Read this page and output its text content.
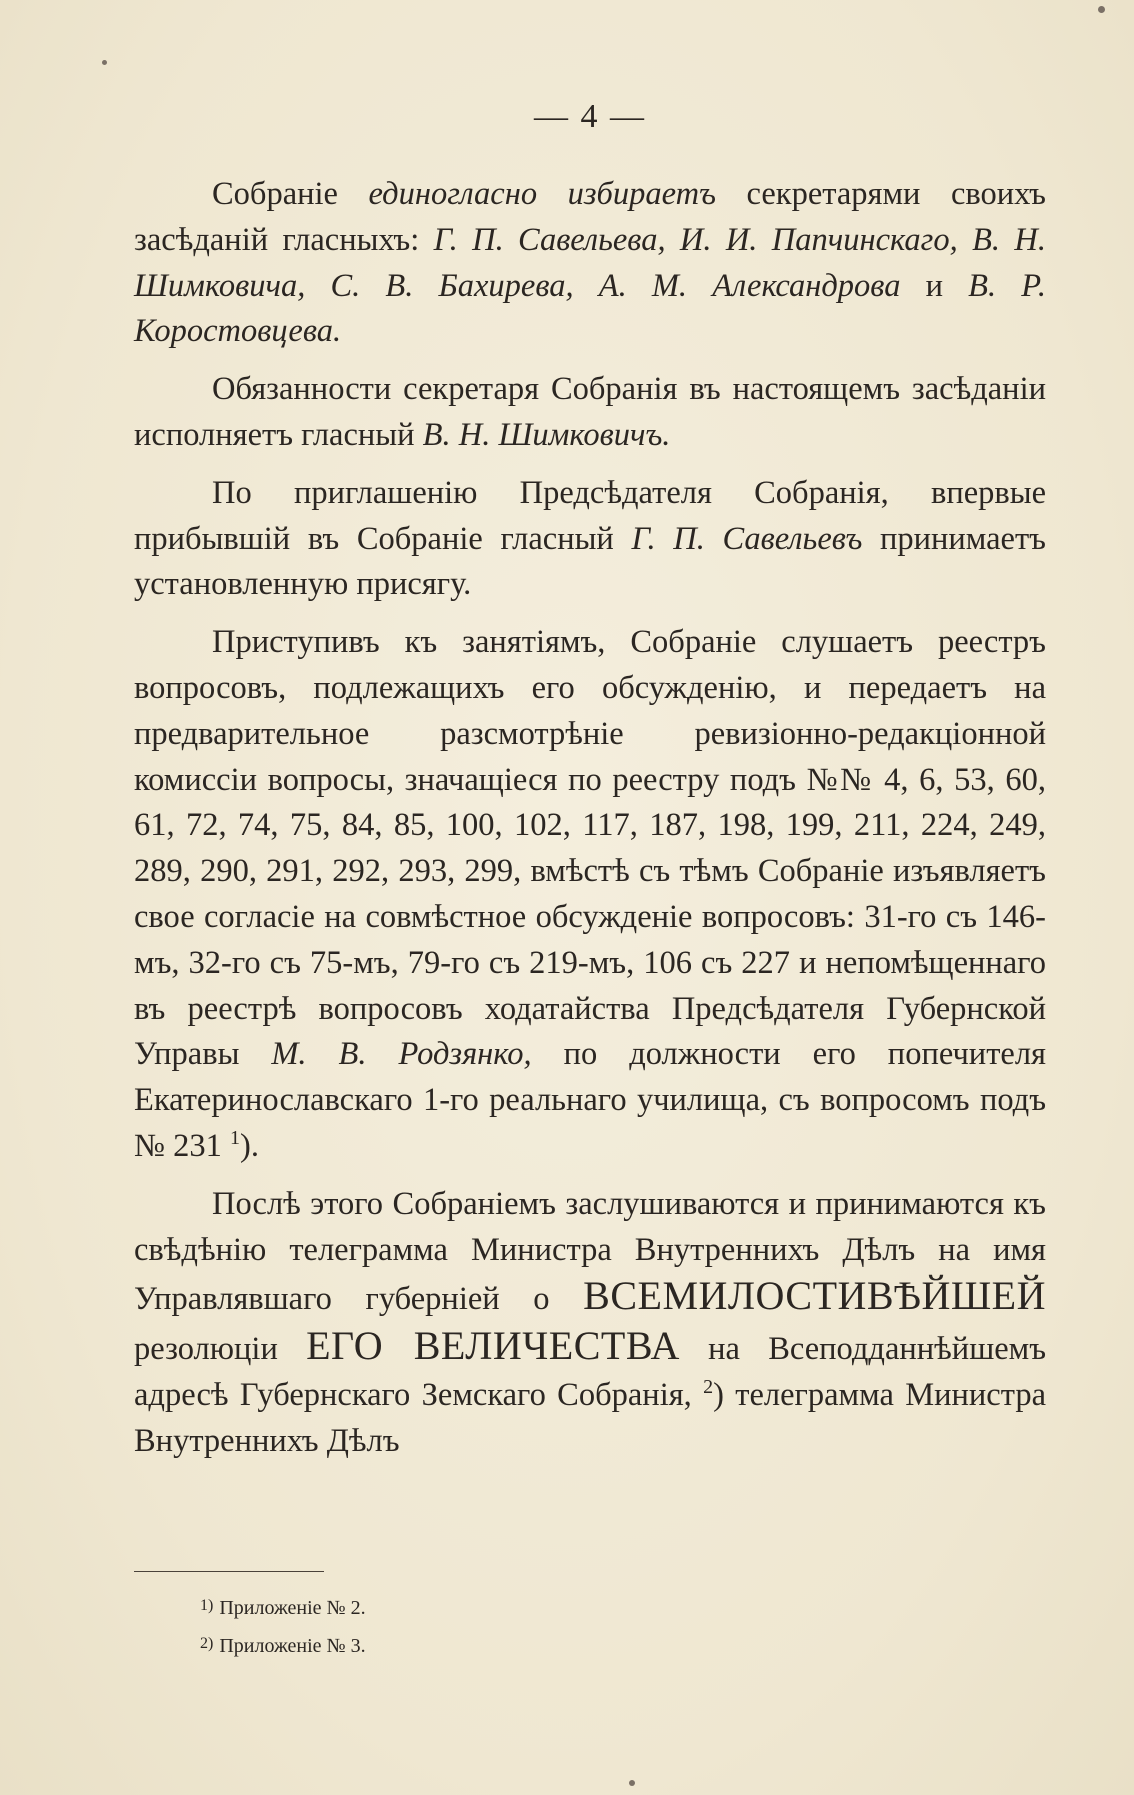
— 4 —

Собраніе единогласно избираетъ секретарями своихъ засѣданій гласныхъ: Г. П. Савельева, И. И. Папчинскаго, В. Н. Шимковича, С. В. Бахирева, А. М. Александрова и В. Р. Коростовцева.

Обязанности секретаря Собранія въ настоящемъ засѣданіи исполняетъ гласный В. Н. Шимковичъ.

По приглашенію Предсѣдателя Собранія, впервые прибывшій въ Собраніе гласный Г. П. Савельевъ принимаетъ установленную присягу.

Приступивъ къ занятіямъ, Собраніе слушаетъ реестръ вопросовъ, подлежащихъ его обсужденію, и передаетъ на предварительное разсмотрѣніе ревизіонно-редакціонной комиссіи вопросы, значащіеся по реестру подъ №№ 4, 6, 53, 60, 61, 72, 74, 75, 84, 85, 100, 102, 117, 187, 198, 199, 211, 224, 249, 289, 290, 291, 292, 293, 299, вмѣстѣ съ тѣмъ Собраніе изъявляетъ свое согласіе на совмѣстное обсужденіе вопросовъ: 31-го съ 146-мъ, 32-го съ 75-мъ, 79-го съ 219-мъ, 106 съ 227 и непомѣщеннаго въ реестрѣ вопросовъ ходатайства Предсѣдателя Губернской Управы М. В. Родзянко, по должности его попечителя Екатеринославскаго 1-го реальнаго училища, съ вопросомъ подъ № 231 $^1$).

Послѣ этого Собраніемъ заслушиваются и принимаются къ свѣдѣнію телеграмма Министра Внутреннихъ Дѣлъ на имя Управлявшаго губерніей о ВСЕМИЛОСТИВѢЙШЕЙ резолюціи ЕГО ВЕЛИЧЕСТВА на Всеподданнѣйшемъ адресѣ Губернскаго Земскаго Собранія, $^2$) телеграмма Министра Внутреннихъ Дѣлъ

$^{1)}$ Приложеніе № 2.
$^{2)}$ Приложеніе № 3.
